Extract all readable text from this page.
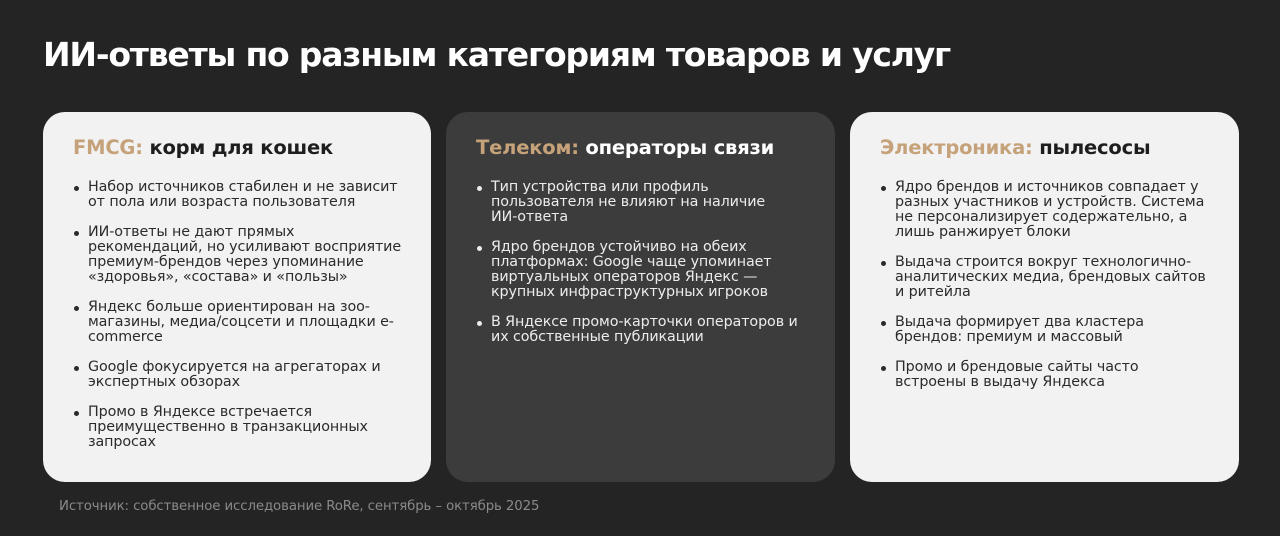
ИИ-ответы по разным категориям товаров и услуг
FMCG: корм для кошек
Набор источников стабилен и не зависит от пола или возраста пользователя
ИИ-ответы не дают прямых рекомендаций, но усиливают восприятие премиум-брендов через упоминание «здоровья», «состава» и «пользы»
Яндекс больше ориентирован на зоо-магазины, медиа/соцсети и площадки e-commerce
Google фокусируется на агрегаторах и экспертных обзорах
Промо в Яндексе встречается преимущественно в транзакционных запросах
Телеком: операторы связи
Тип устройства или профиль пользователя не влияют на наличие ИИ-ответа
Ядро брендов устойчиво на обеих платформах: Google чаще упоминает виртуальных операторов Яндекс — крупных инфраструктурных игроков
В Яндексе промо-карточки операторов и их собственные публикации
Электроника: пылесосы
Ядро брендов и источников совпадает у разных участников и устройств. Система не персонализирует содержательно, а лишь ранжирует блоки
Выдача строится вокруг технологично-аналитических медиа, брендовых сайтов и ритейла
Выдача формирует два кластера брендов: премиум и массовый
Промо и брендовые сайты часто встроены в выдачу Яндекса
Источник: собственное исследование RoRe, сентябрь – октябрь 2025
